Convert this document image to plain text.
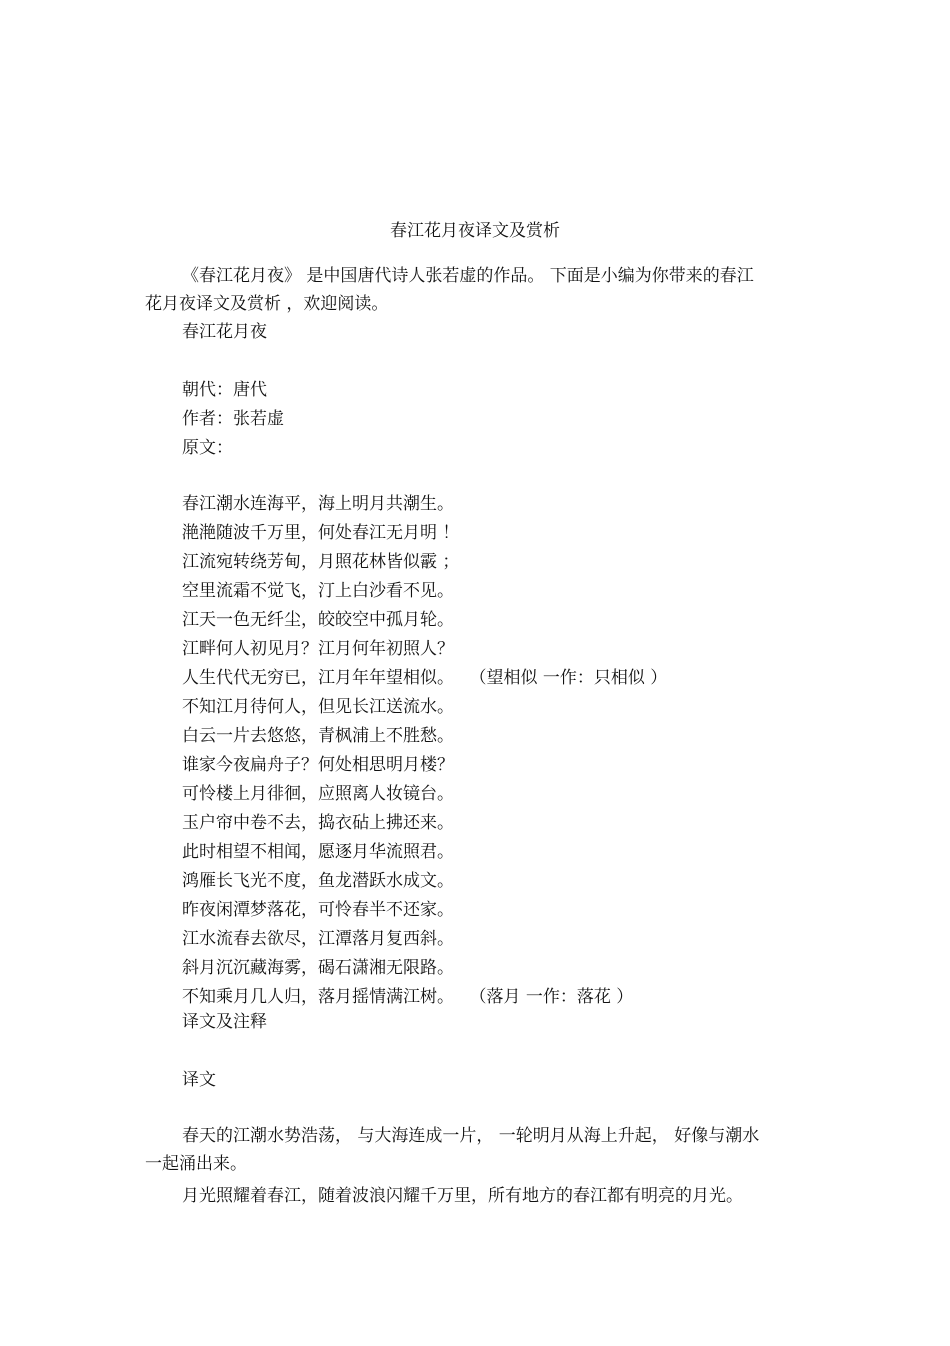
春江花月夜译文及赏析
《春江花月夜》 是中国唐代诗人张若虚的作品。 下面是小编为你带来的春江
花月夜译文及赏析 ，欢迎阅读。
春江花月夜
朝代：唐代
作者：张若虚
原文：
春江潮水连海平，海上明月共潮生。
滟滟随波千万里，何处春江无月明 ！
江流宛转绕芳甸，月照花林皆似霰 ；
空里流霜不觉飞，汀上白沙看不见。
江天一色无纤尘，皎皎空中孤月轮。
江畔何人初见月？江月何年初照人？
人生代代无穷已，江月年年望相似。 （望相似 一作：只相似 ）
不知江月待何人，但见长江送流水。
白云一片去悠悠，青枫浦上不胜愁。
谁家今夜扁舟子？何处相思明月楼？
可怜楼上月徘徊，应照离人妆镜台。
玉户帘中卷不去，捣衣砧上拂还来。
此时相望不相闻，愿逐月华流照君。
鸿雁长飞光不度，鱼龙潜跃水成文。
昨夜闲潭梦落花，可怜春半不还家。
江水流春去欲尽，江潭落月复西斜。
斜月沉沉藏海雾，碣石潇湘无限路。
不知乘月几人归，落月摇情满江树。 （落月 一作：落花 ）
译文及注释
译文
春天的江潮水势浩荡， 与大海连成一片， 一轮明月从海上升起， 好像与潮水
一起涌出来。
月光照耀着春江，随着波浪闪耀千万里，所有地方的春江都有明亮的月光。
